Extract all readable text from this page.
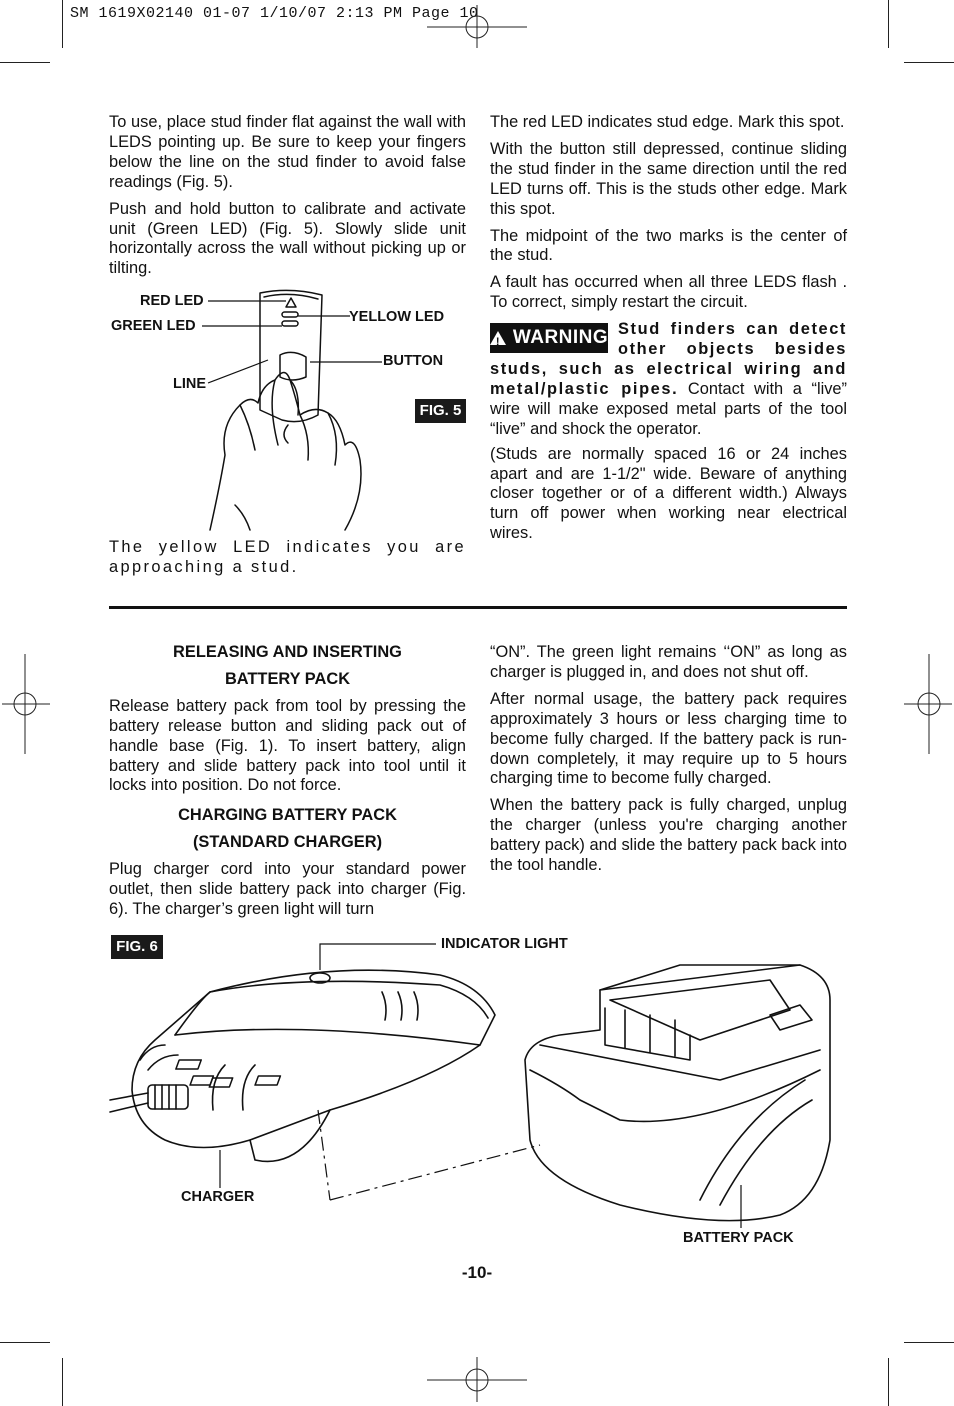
SM 1619X02140 01-07 1/10/07 2:13 PM Page 10

To use, place stud finder flat against the wall with LEDS pointing up. Be sure to keep your fingers below the line on the stud finder to avoid false readings (Fig. 5).

Push and hold button to calibrate and activate unit (Green LED) (Fig. 5). Slowly slide unit horizontally across the wall without picking up or tilting.

The yellow LED indicates you are approaching a stud.

RED LED
GREEN LED
YELLOW LED
BUTTON
LINE
FIG. 5

The red LED indicates stud edge. Mark this spot.

With the button still depressed, continue sliding the stud finder in the same direction until the red LED turns off. This is the studs other edge. Mark this spot.

The midpoint of the two marks is the center of the stud.

A fault has occurred when all three LEDS flash . To correct, simply restart the circuit.

! WARNING Stud finders can detect other objects besides studs, such as electrical wiring and metal/plastic pipes. Contact with a “live” wire will make exposed metal parts of the tool “live” and shock the operator.

(Studs are normally spaced 16 or 24 inches apart and are 1-1/2" wide. Beware of anything closer together or of a different width.) Always turn off power when working near electrical wires.

RELEASING AND INSERTING

BATTERY PACK

Release battery pack from tool by pressing the battery release button and sliding pack out of handle base (Fig. 1). To insert battery, align battery and slide battery pack into tool until it locks into position. Do not force.

CHARGING BATTERY PACK

(STANDARD CHARGER)

Plug charger cord into your standard power outlet, then slide battery pack into charger (Fig. 6). The charger’s green light will turn

“ON”. The green light remains ‘‘ON” as long as charger is plugged in, and does not shut off.

After normal usage, the battery pack requires approximately 3 hours or less charging time to become fully charged. If the battery pack is run-down completely, it may require up to 5 hours charging time to become fully charged.

When the battery pack is fully charged, unplug the charger (unless you're charging another battery pack) and slide the battery pack back into the tool handle.

FIG. 6	INDICATOR LIGHT
CHARGER
BATTERY PACK
-10-
